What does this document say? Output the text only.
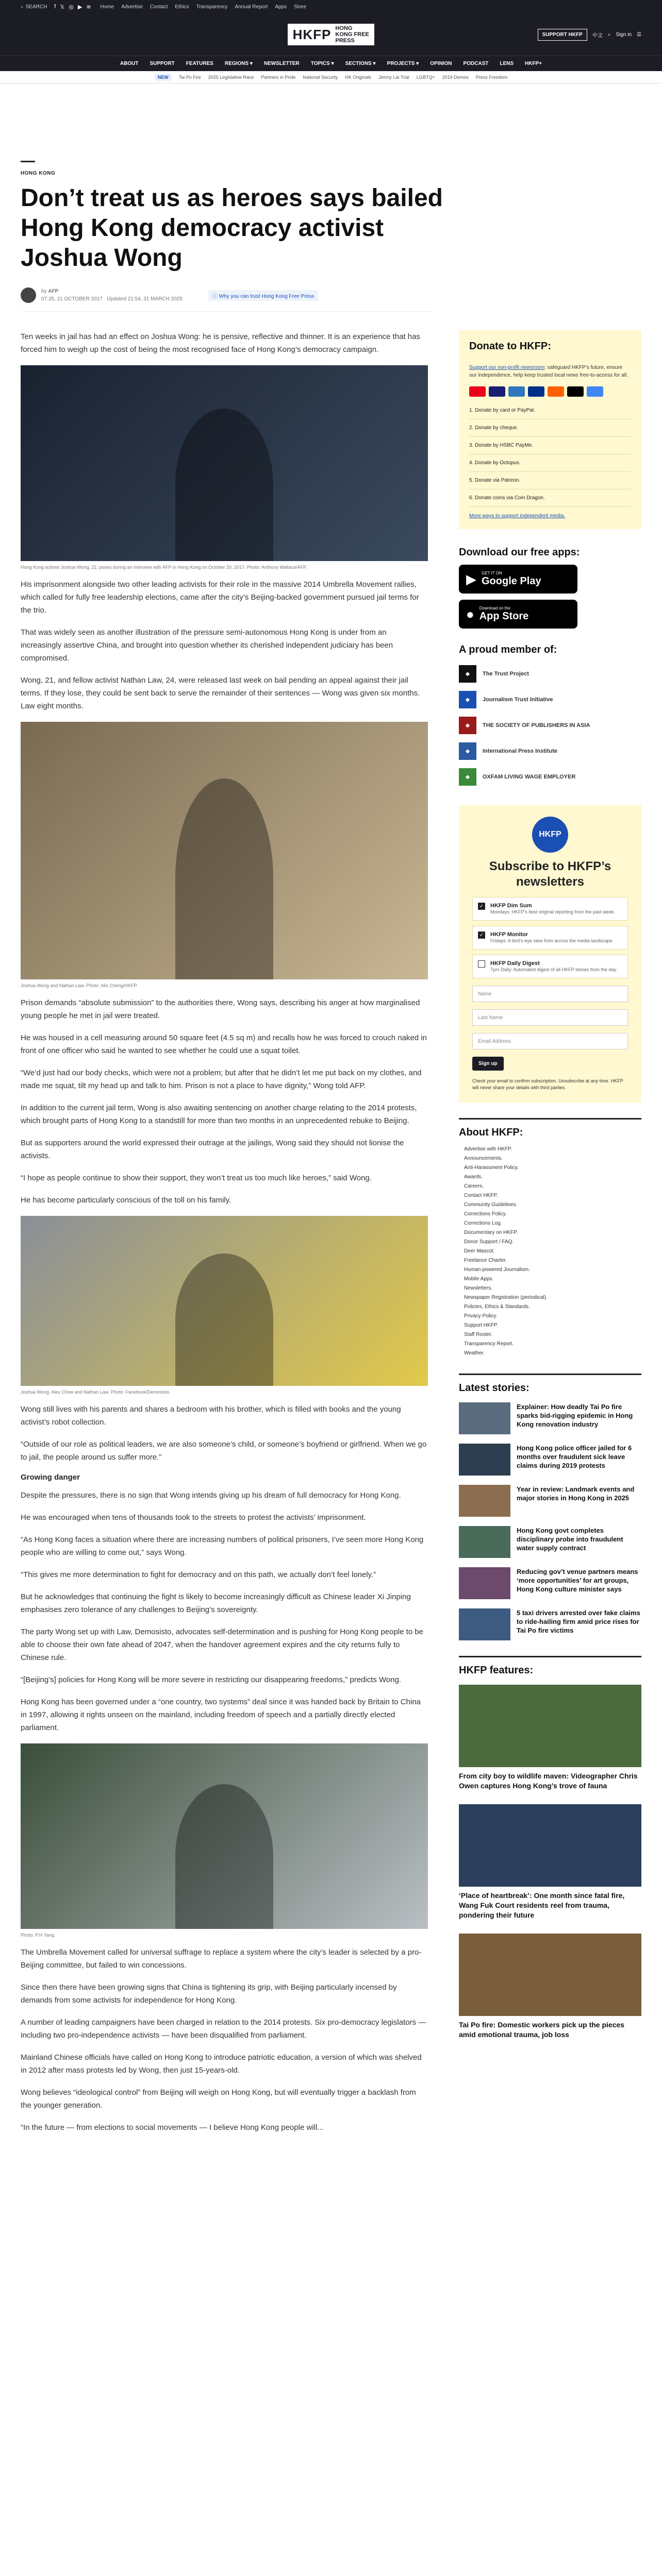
⌕ SEARCH f 𝕏 ◎ ▶ ≋ Home Advertise Contact Ethics Transparency Annual Report Apps Store
HKFP HONG KONG FREE PRESS
SUPPORT HKFP	中文 ⌕ Sign in ☰
ABOUT SUPPORT FEATURES REGIONS ▾ NEWSLETTER TOPICS ▾ SECTIONS ▾ PROJECTS ▾ OPINION PODCAST LENS HKFP+
NEW	Tai Po Fire 2025 Legislative Race Partners in Pride National Security HK Originals Jimmy Lai Trial LGBTQ+ 2019 Demos Press Freedom
HONG KONG
Don’t treat us as heroes says bailed Hong Kong democracy activist Joshua Wong
by AFP
07:35, 21 OCTOBER 2017 Updated 21:54, 31 MARCH 2025	ⓘ Why you can trust Hong Kong Free Press

Ten weeks in jail has had an effect on Joshua Wong: he is pensive, reflective and thinner. It is an experience that has forced him to weigh up the cost of being the most recognised face of Hong Kong’s democracy campaign.

Hong Kong activist Joshua Wong, 21, poses during an interview with AFP in Hong Kong on October 20, 2017. Photo: Anthony Wallace/AFP.

His imprisonment alongside two other leading activists for their role in the massive 2014 Umbrella Movement rallies, which called for fully free leadership elections, came after the city’s Beijing-backed government pursued jail terms for the trio.

That was widely seen as another illustration of the pressure semi-autonomous Hong Kong is under from an increasingly assertive China, and brought into question whether its cherished independent judiciary has been compromised.

Wong, 21, and fellow activist Nathan Law, 24, were released last week on bail pending an appeal against their jail terms. If they lose, they could be sent back to serve the remainder of their sentences — Wong was given six months. Law eight months.

Joshua Wong and Nathan Law. Photo: Alis Cheng/HKFP.

Prison demands “absolute submission” to the authorities there, Wong says, describing his anger at how marginalised young people he met in jail were treated.

He was housed in a cell measuring around 50 square feet (4.5 sq m) and recalls how he was forced to crouch naked in front of one officer who said he wanted to see whether he could use a squat toilet.

“We’d just had our body checks, which were not a problem; but after that he didn’t let me put back on my clothes, and made me squat, tilt my head up and talk to him. Prison is not a place to have dignity,” Wong told AFP.

In addition to the current jail term, Wong is also awaiting sentencing on another charge relating to the 2014 protests, which brought parts of Hong Kong to a standstill for more than two months in an unprecedented rebuke to Beijing.

But as supporters around the world expressed their outrage at the jailings, Wong said they should not lionise the activists.

“I hope as people continue to show their support, they won’t treat us too much like heroes,” said Wong.

He has become particularly conscious of the toll on his family.

Joshua Wong, Alex Chow and Nathan Law. Photo: Facebook/Demosisto.

Wong still lives with his parents and shares a bedroom with his brother, which is filled with books and the young activist’s robot collection.

“Outside of our role as political leaders, we are also someone’s child, or someone’s boyfriend or girlfriend. When we go to jail, the people around us suffer more.”

Growing danger

Despite the pressures, there is no sign that Wong intends giving up his dream of full democracy for Hong Kong.

He was encouraged when tens of thousands took to the streets to protest the activists’ imprisonment.

“As Hong Kong faces a situation where there are increasing numbers of political prisoners, I’ve seen more Hong Kong people who are willing to come out,” says Wong.

“This gives me more determination to fight for democracy and on this path, we actually don’t feel lonely.”

But he acknowledges that continuing the fight is likely to become increasingly difficult as Chinese leader Xi Jinping emphasises zero tolerance of any challenges to Beijing’s sovereignty.

The party Wong set up with Law, Demosisto, advocates self-determination and is pushing for Hong Kong people to be able to choose their own fate ahead of 2047, when the handover agreement expires and the city returns fully to Chinese rule.

“[Beijing’s] policies for Hong Kong will be more severe in restricting our disappearing freedoms,” predicts Wong.

Hong Kong has been governed under a “one country, two systems” deal since it was handed back by Britain to China in 1997, allowing it rights unseen on the mainland, including freedom of speech and a partially directly elected parliament.

Photo: P.H Yang.

The Umbrella Movement called for universal suffrage to replace a system where the city’s leader is selected by a pro-Beijing committee, but failed to win concessions.

Since then there have been growing signs that China is tightening its grip, with Beijing particularly incensed by demands from some activists for independence for Hong Kong.

A number of leading campaigners have been charged in relation to the 2014 protests. Six pro-democracy legislators — including two pro-independence activists — have been disqualified from parliament.

Mainland Chinese officials have called on Hong Kong to introduce patriotic education, a version of which was shelved in 2012 after mass protests led by Wong, then just 15-years-old.

Wong believes “ideological control” from Beijing will weigh on Hong Kong, but will eventually trigger a backlash from the younger generation.

“In the future — from elections to social movements — I believe Hong Kong people will...

Donate to HKFP:
Support our non-profit newsroom: safeguard HKFP’s future, ensure our independence, help keep trusted local news free-to-access for all.
1. Donate by card or PayPal.
2. Donate by cheque.
3. Donate by HSBC PayMe.
4. Donate by Octopus.
5. Donate via Patreon.
6. Donate coins via Coin Dragon.
More ways to support independent media.
Download our free apps:
▶ GET IT ON
Google Play
● Download on the
App Store
A proud member of:
◆	The Trust Project
◆	Journalism Trust Initiative
◆	THE SOCIETY OF PUBLISHERS IN ASIA
◆	International Press Institute
◆	OXFAM LIVING WAGE EMPLOYER
HKFP
Subscribe to HKFP’s newsletters
✓ HKFP Dim Sum
Mondays: HKFP’s best original reporting from the past week.
✓ HKFP Monitor
Fridays: A bird’s-eye view from across the media landscape.
HKFP Daily Digest
7pm Daily: Automated digest of all HKFP stories from the day.
Name
Last Name
Email Address
Sign up
Check your email to confirm subscription. Unsubscribe at any time. HKFP will never share your details with third parties.
About HKFP:
Advertise with HKFP.
Announcements.
Anti-Harassment Policy.
Awards.
Careers.
Contact HKFP.
Community Guidelines.
Corrections Policy.
Corrections Log.
Documentary on HKFP.
Donor Support / FAQ.
Deer Mascot.
Freelance Charter.
Human-powered Journalism.
Mobile Apps.
Newsletters.
Newspaper Registration (periodical).
Policies, Ethics & Standards.
Privacy Policy.
Support HKFP.
Staff Roster.
Transparency Report.
Weather.
Latest stories:
Explainer: How deadly Tai Po fire sparks bid-rigging epidemic in Hong Kong renovation industry
Hong Kong police officer jailed for 6 months over fraudulent sick leave claims during 2019 protests
Year in review: Landmark events and major stories in Hong Kong in 2025
Hong Kong govt completes disciplinary probe into fraudulent water supply contract
Reducing gov’t venue partners means ‘more opportunities’ for art groups, Hong Kong culture minister says
5 taxi drivers arrested over fake claims to ride-hailing firm amid price rises for Tai Po fire victims
HKFP features:
From city boy to wildlife maven: Videographer Chris Owen captures Hong Kong’s trove of fauna
‘Place of heartbreak’: One month since fatal fire, Wang Fuk Court residents reel from trauma, pondering their future
Tai Po fire: Domestic workers pick up the pieces amid emotional trauma, job loss
